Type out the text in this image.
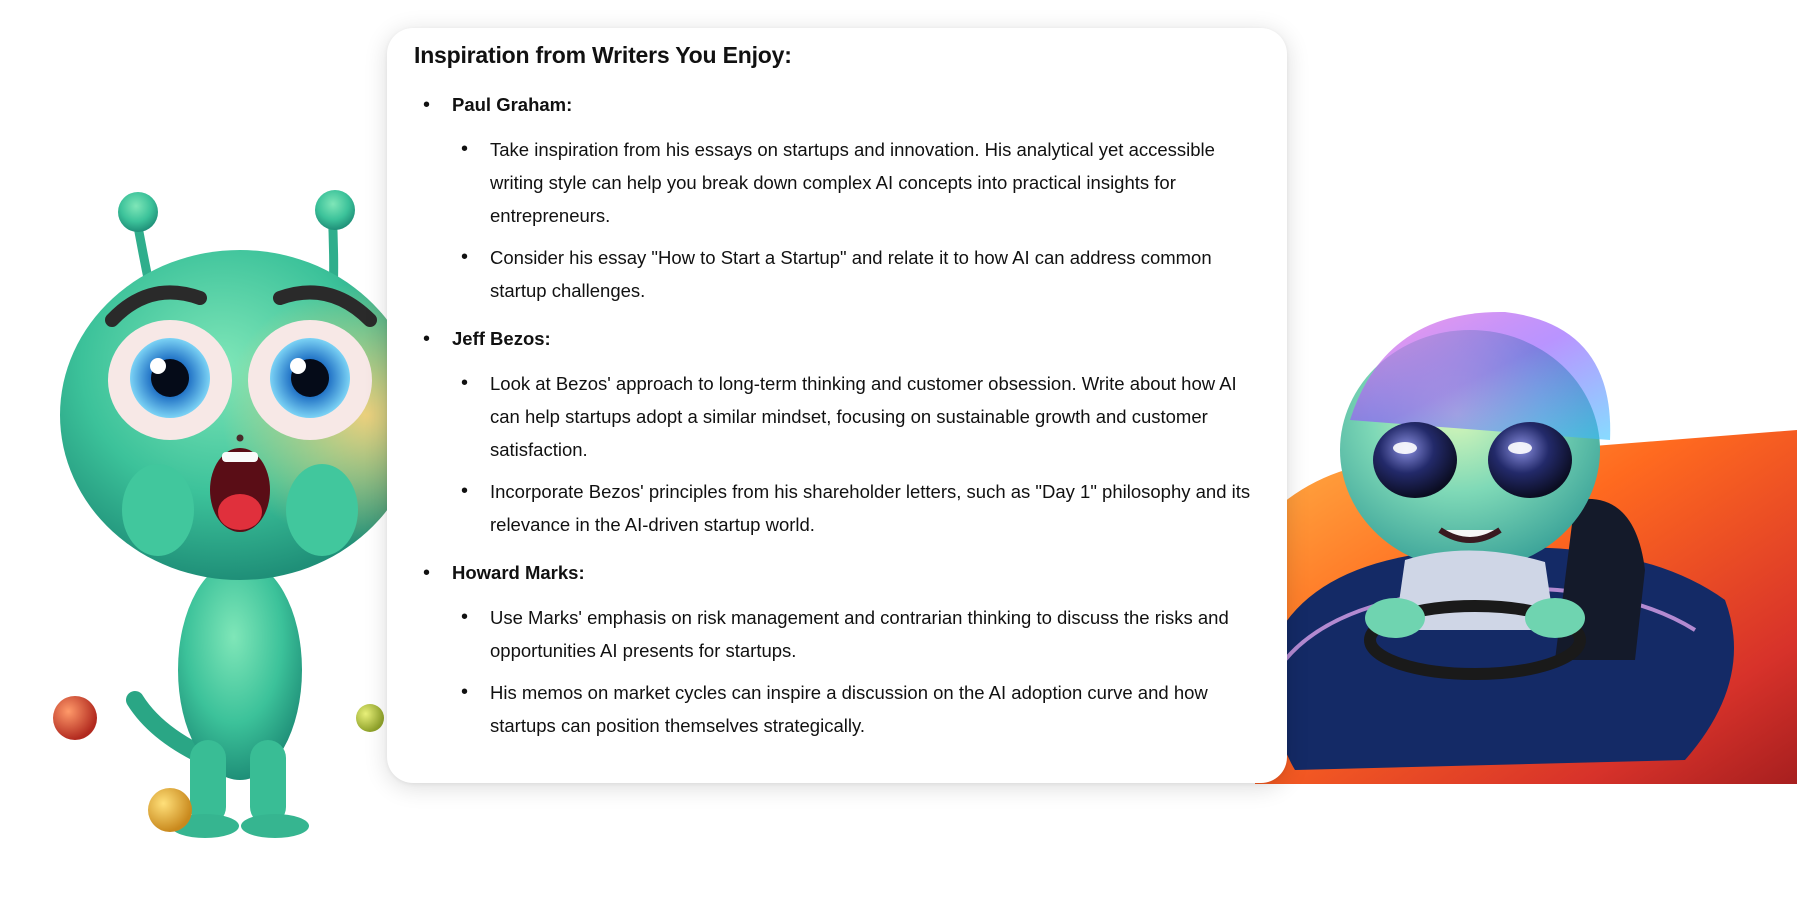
Inspiration from Writers You Enjoy:
• Paul Graham:
• Take inspiration from his essays on startups and innovation. His analytical yet accessible writing style can help you break down complex AI concepts into practical insights for entrepreneurs.
• Consider his essay "How to Start a Startup" and relate it to how AI can address common startup challenges.
• Jeff Bezos:
• Look at Bezos' approach to long-term thinking and customer obsession. Write about how AI can help startups adopt a similar mindset, focusing on sustainable growth and customer satisfaction.
• Incorporate Bezos' principles from his shareholder letters, such as "Day 1" philosophy and its relevance in the AI-driven startup world.
• Howard Marks:
• Use Marks' emphasis on risk management and contrarian thinking to discuss the risks and opportunities AI presents for startups.
• His memos on market cycles can inspire a discussion on the AI adoption curve and how startups can position themselves strategically.
